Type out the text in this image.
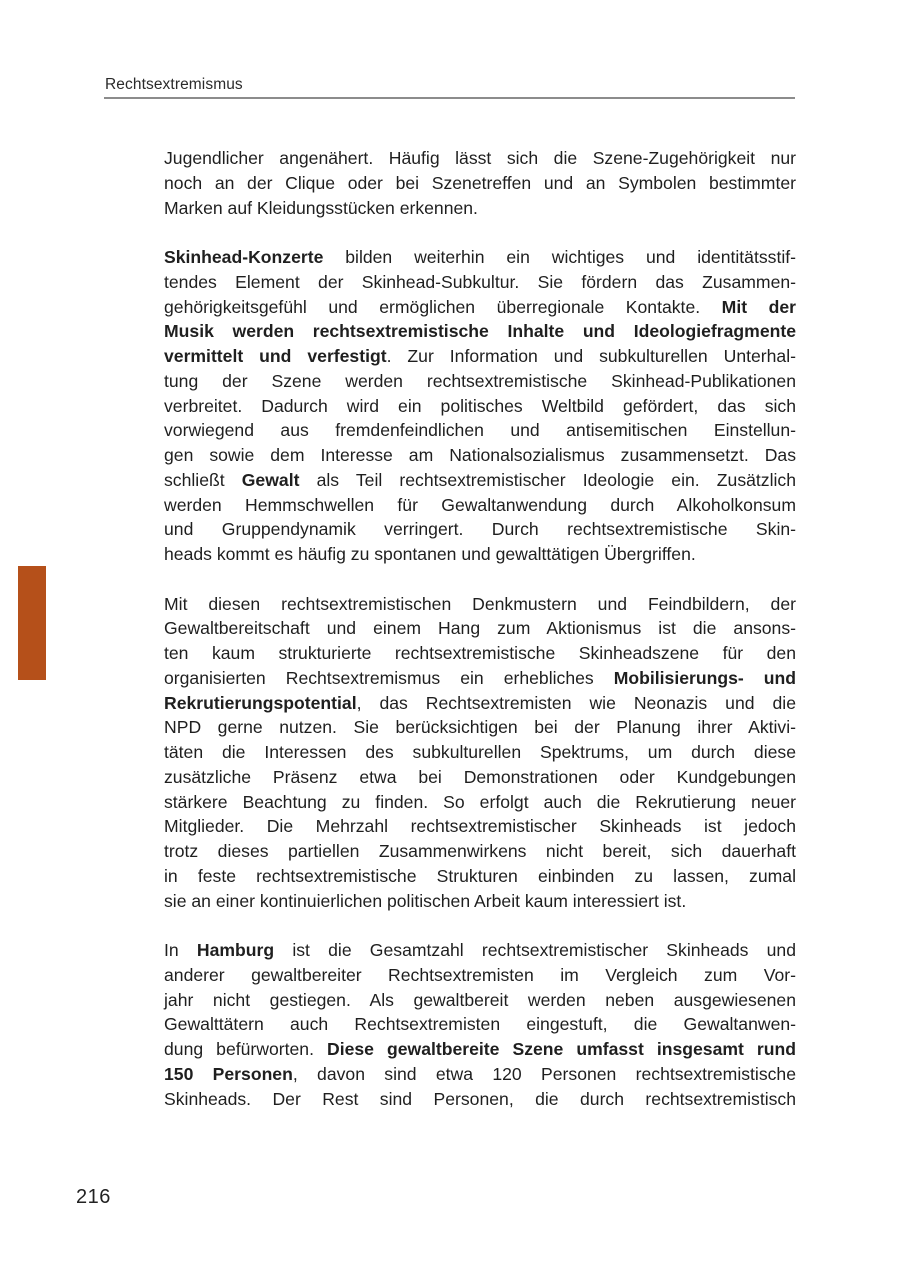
Rechtsextremismus
Jugendlicher angenähert. Häufig lässt sich die Szene-Zugehörigkeit nur
noch an der Clique oder bei Szenetreffen und an Symbolen bestimmter
Marken auf Kleidungsstücken erkennen.
Skinhead-Konzerte bilden weiterhin ein wichtiges und identitätsstif-
tendes Element der Skinhead-Subkultur. Sie fördern das Zusammen-
gehörigkeitsgefühl und ermöglichen überregionale Kontakte. Mit der
Musik werden rechtsextremistische Inhalte und Ideologiefragmente
vermittelt und verfestigt. Zur Information und subkulturellen Unterhal-
tung der Szene werden rechtsextremistische Skinhead-Publikationen
verbreitet. Dadurch wird ein politisches Weltbild gefördert, das sich
vorwiegend aus fremdenfeindlichen und antisemitischen Einstellun-
gen sowie dem Interesse am Nationalsozialismus zusammensetzt. Das
schließt Gewalt als Teil rechtsextremistischer Ideologie ein. Zusätzlich
werden Hemmschwellen für Gewaltanwendung durch Alkoholkonsum
und Gruppendynamik verringert. Durch rechtsextremistische Skin-
heads kommt es häufig zu spontanen und gewalttätigen Übergriffen.
Mit diesen rechtsextremistischen Denkmustern und Feindbildern, der
Gewaltbereitschaft und einem Hang zum Aktionismus ist die ansons-
ten kaum strukturierte rechtsextremistische Skinheadszene für den
organisierten Rechtsextremismus ein erhebliches Mobilisierungs- und
Rekrutierungspotential, das Rechtsextremisten wie Neonazis und die
NPD gerne nutzen. Sie berücksichtigen bei der Planung ihrer Aktivi-
täten die Interessen des subkulturellen Spektrums, um durch diese
zusätzliche Präsenz etwa bei Demonstrationen oder Kundgebungen
stärkere Beachtung zu finden. So erfolgt auch die Rekrutierung neuer
Mitglieder. Die Mehrzahl rechtsextremistischer Skinheads ist jedoch
trotz dieses partiellen Zusammenwirkens nicht bereit, sich dauerhaft
in feste rechtsextremistische Strukturen einbinden zu lassen, zumal
sie an einer kontinuierlichen politischen Arbeit kaum interessiert ist.
In Hamburg ist die Gesamtzahl rechtsextremistischer Skinheads und
anderer gewaltbereiter Rechtsextremisten im Vergleich zum Vor-
jahr nicht gestiegen. Als gewaltbereit werden neben ausgewiesenen
Gewalttätern auch Rechtsextremisten eingestuft, die Gewaltanwen-
dung befürworten. Diese gewaltbereite Szene umfasst insgesamt rund
150 Personen, davon sind etwa 120 Personen rechtsextremistische
Skinheads. Der Rest sind Personen, die durch rechtsextremistisch
216
